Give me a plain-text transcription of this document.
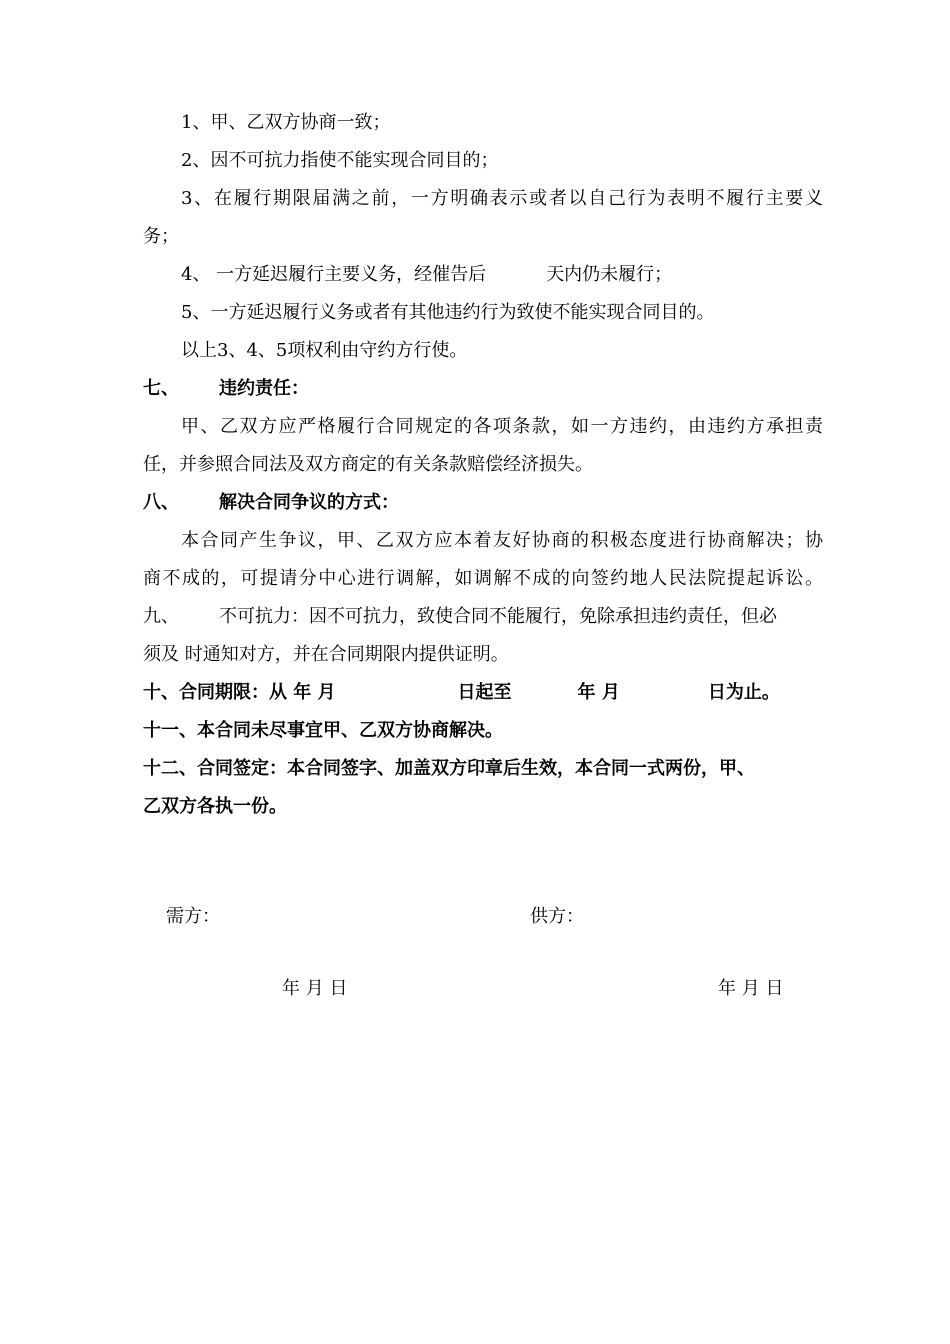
1、甲、乙双方协商一致；
2、因不可抗力指使不能实现合同目的；
3、在履行期限届满之前，一方明确表示或者以自己行为表明不履行主要义
务；
4、 一方延迟履行主要义务，经催告后	天内仍未履行；
5、一方延迟履行义务或者有其他违约行为致使不能实现合同目的。
以上3、4、5项权利由守约方行使。
七、 违约责任：
甲、乙双方应严格履行合同规定的各项条款，如一方违约，由违约方承担责
任，并参照合同法及双方商定的有关条款赔偿经济损失。
八、 解决合同争议的方式：
本合同产生争议，甲、乙双方应本着友好协商的积极态度进行协商解决；协
商不成的，可提请分中心进行调解，如调解不成的向签约地人民法院提起诉讼。
九、 不可抗力：因不可抗力，致使合同不能履行，免除承担违约责任，但必
须及 时通知对方，并在合同期限内提供证明。
十、合同期限：从 年 月	日起至	年 月	日为止。
十一、本合同未尽事宜甲、乙双方协商解决。
十二、合同签定：本合同签字、加盖双方印章后生效，本合同一式两份，甲、
乙双方各执一份。
需方：	供方：
年 月 日	年 月 日
